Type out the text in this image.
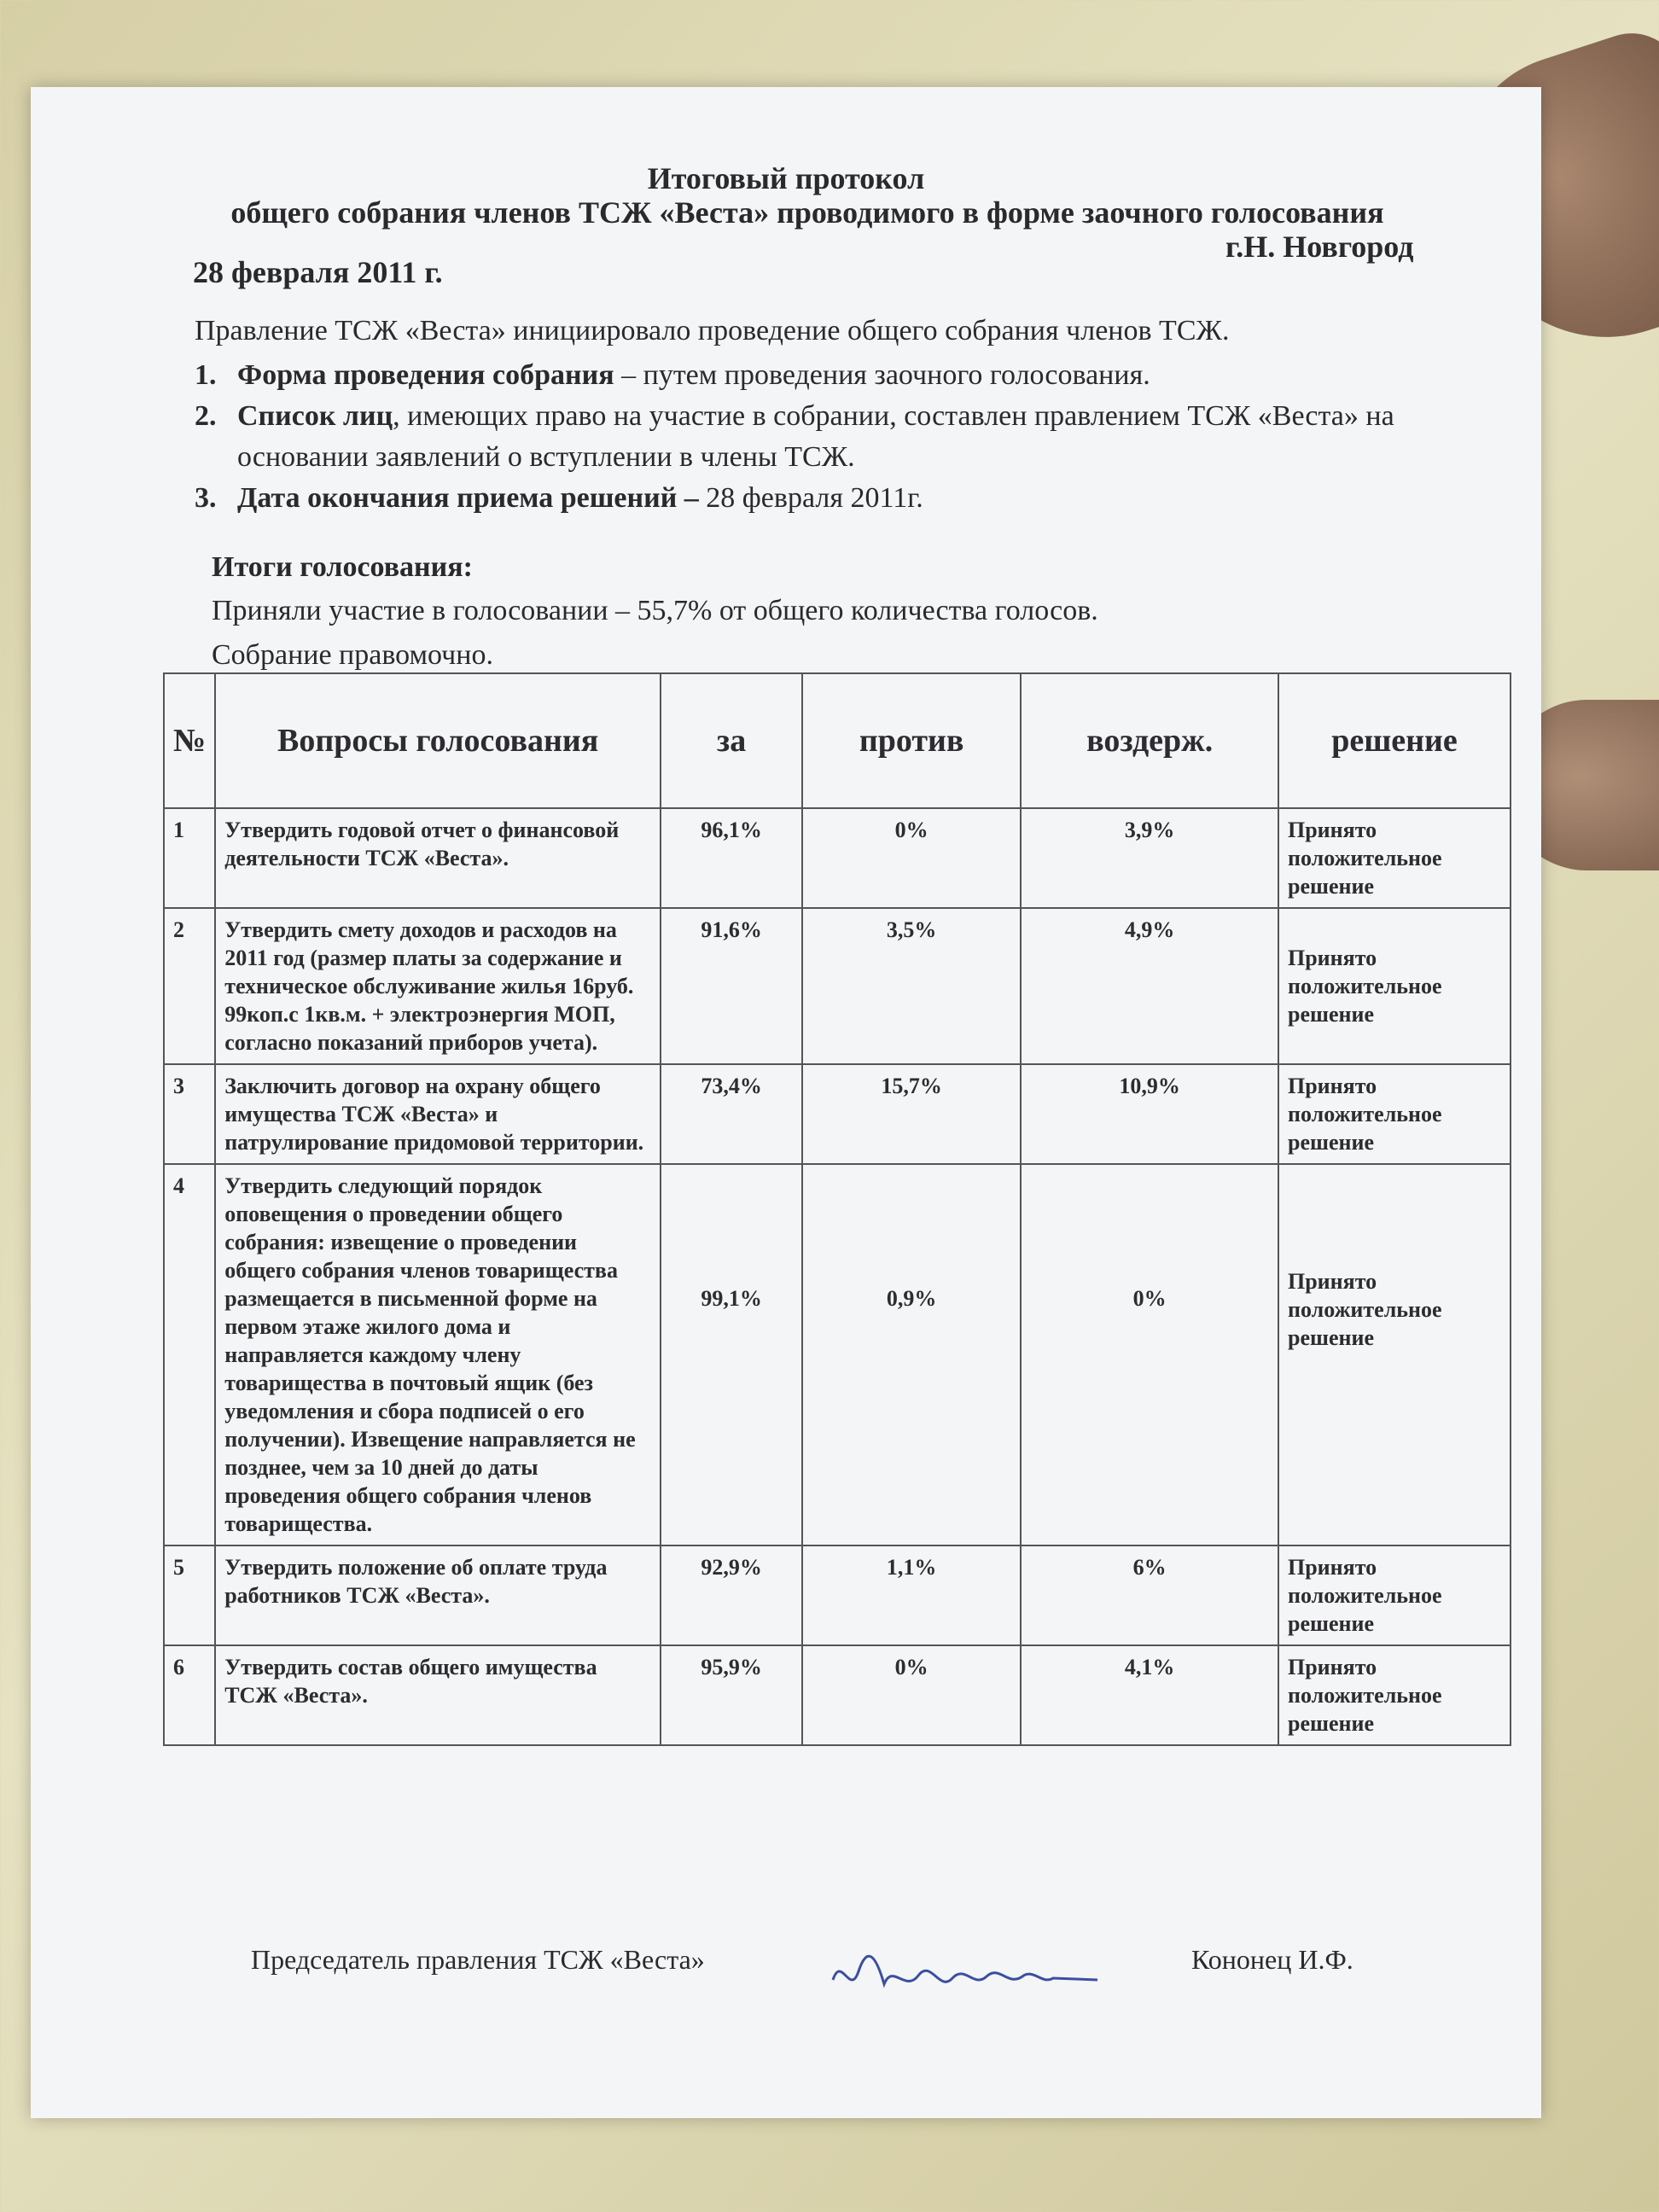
Итоговый протокол
общего собрания членов ТСЖ «Веста» проводимого в форме заочного голосования
г.Н. Новгород
28 февраля 2011 г.
Правление ТСЖ «Веста» инициировало проведение общего собрания членов ТСЖ.
1. Форма проведения собрания – путем проведения заочного голосования.
2. Список лиц, имеющих право на участие в собрании, составлен правлением ТСЖ «Веста» на основании заявлений о вступлении в члены ТСЖ.
3. Дата окончания приема решений – 28 февраля 2011г.
Итоги голосования:
Приняли участие в голосовании – 55,7% от общего количества голосов.
Собрание правомочно.
№	Вопросы голосования	за	против	воздерж.	решение
1	Утвердить годовой отчет о финансовой деятельности ТСЖ «Веста».	96,1%	0%	3,9%	Принято положительное решение
2	Утвердить смету доходов и расходов на 2011 год (размер платы за содержание и техническое обслуживание жилья 16руб. 99коп.с 1кв.м. + электроэнергия МОП, согласно показаний приборов учета).	91,6%	3,5%	4,9%	Принято положительное решение
3	Заключить договор на охрану общего имущества ТСЖ «Веста» и патрулирование придомовой территории.	73,4%	15,7%	10,9%	Принято положительное решение
4	Утвердить следующий порядок оповещения о проведении общего собрания: извещение о проведении общего собрания членов товарищества размещается в письменной форме на первом этаже жилого дома и направляется каждому члену товарищества в почтовый ящик (без уведомления и сбора подписей о его получении). Извещение направляется не позднее, чем за 10 дней до даты проведения общего собрания членов товарищества.	99,1%	0,9%	0%	Принято положительное решение
5	Утвердить положение об оплате труда работников ТСЖ «Веста».	92,9%	1,1%	6%	Принято положительное решение
6	Утвердить состав общего имущества ТСЖ «Веста».	95,9%	0%	4,1%	Принято положительное решение
Председатель правления ТСЖ «Веста»	Кононец И.Ф.
